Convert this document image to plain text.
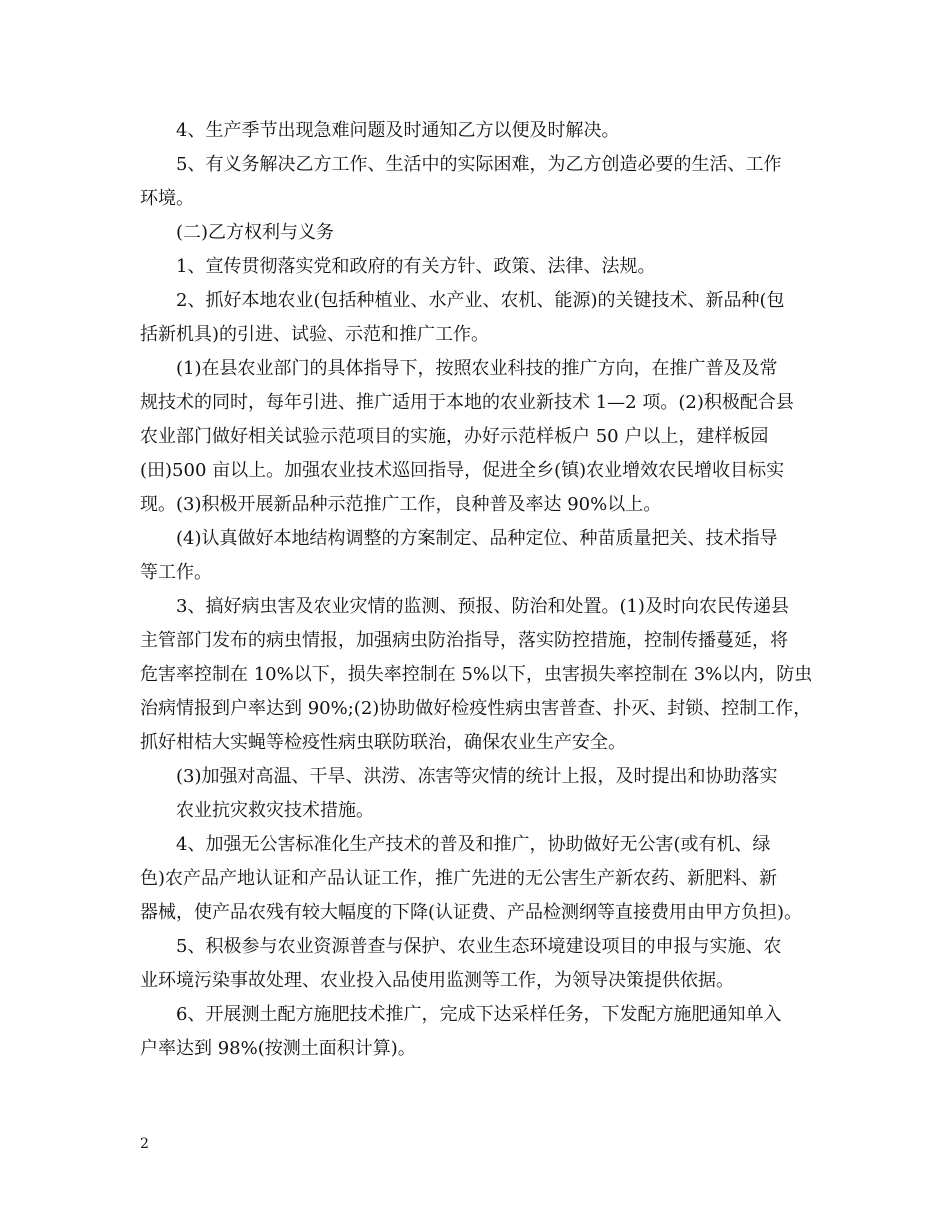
4、生产季节出现急难问题及时通知乙方以便及时解决。
5、有义务解决乙方工作、生活中的实际困难，为乙方创造必要的生活、工作
环境。
(二)乙方权利与义务
1、宣传贯彻落实党和政府的有关方针、政策、法律、法规。
2、抓好本地农业(包括种植业、水产业、农机、能源)的关键技术、新品种(包
括新机具)的引进、试验、示范和推广工作。
(1)在县农业部门的具体指导下，按照农业科技的推广方向，在推广普及及常
规技术的同时，每年引进、推广适用于本地的农业新技术 1—2 项。(2)积极配合县
农业部门做好相关试验示范项目的实施，办好示范样板户 50 户以上，建样板园
(田)500 亩以上。加强农业技术巡回指导，促进全乡(镇)农业增效农民增收目标实
现。(3)积极开展新品种示范推广工作，良种普及率达 90%以上。
(4)认真做好本地结构调整的方案制定、品种定位、种苗质量把关、技术指导
等工作。
3、搞好病虫害及农业灾情的监测、预报、防治和处置。(1)及时向农民传递县
主管部门发布的病虫情报，加强病虫防治指导，落实防控措施，控制传播蔓延，将
危害率控制在 10%以下，损失率控制在 5%以下，虫害损失率控制在 3%以内，防虫
治病情报到户率达到 90%;(2)协助做好检疫性病虫害普查、扑灭、封锁、控制工作，
抓好柑桔大实蝇等检疫性病虫联防联治，确保农业生产安全。
(3)加强对高温、干旱、洪涝、冻害等灾情的统计上报，及时提出和协助落实
农业抗灾救灾技术措施。
4、加强无公害标准化生产技术的普及和推广，协助做好无公害(或有机、绿
色)农产品产地认证和产品认证工作，推广先进的无公害生产新农药、新肥料、新
器械，使产品农残有较大幅度的下降(认证费、产品检测纲等直接费用由甲方负担)。
5、积极参与农业资源普查与保护、农业生态环境建设项目的申报与实施、农
业环境污染事故处理、农业投入品使用监测等工作，为领导决策提供依据。
6、开展测土配方施肥技术推广，完成下达采样任务，下发配方施肥通知单入
户率达到 98%(按测土面积计算)。
2
